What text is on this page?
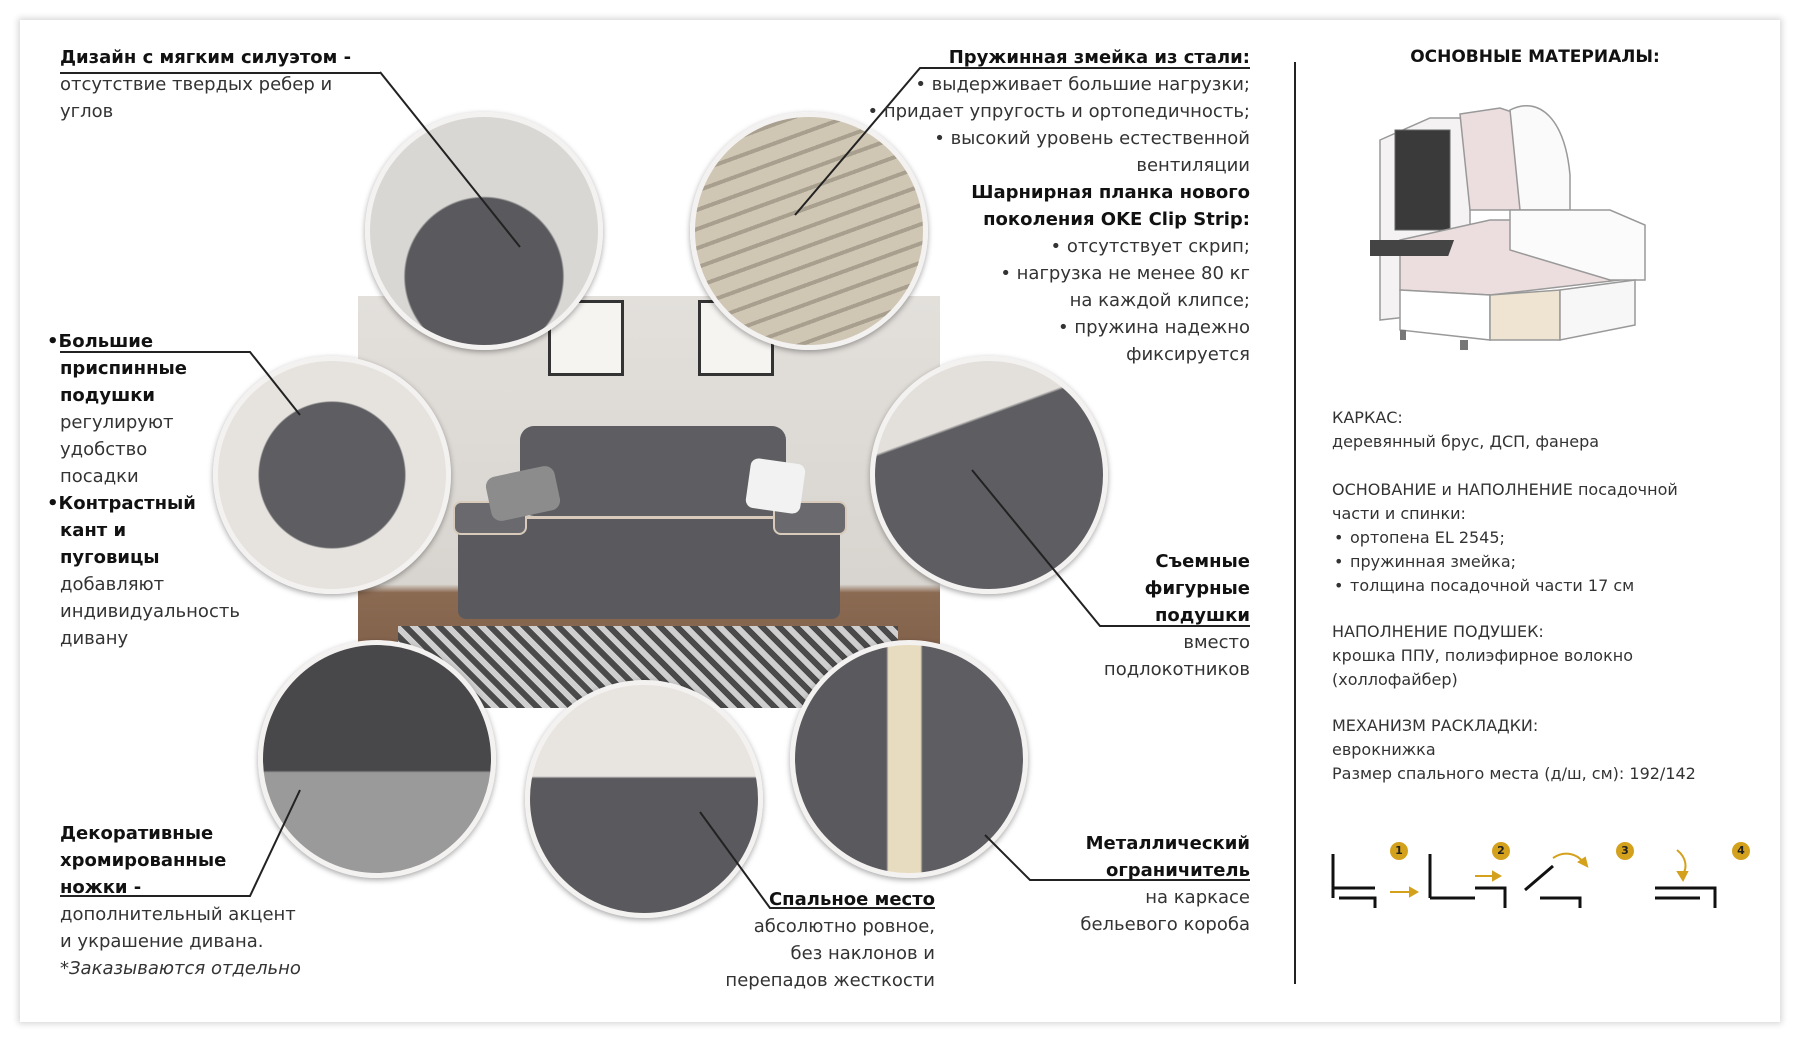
Дизайн с мягким силуэтом -
отсутствие твердых ребер и
углов
•Большие
приспинные
подушки
регулируют
удобство
посадки
•Контрастный
кант и
пуговицы
добавляют
индивидуальность
дивану
Декоративные
хромированные
ножки -
дополнительный акцент
и украшение дивана.
*Заказываются отдельно
Пружинная змейка из стали:
• выдерживает большие нагрузки;
• придает упругость и ортопедичность;
• высокий уровень естественной
вентиляции
Шарнирная планка нового
поколения OKE Clip Strip:
• отсутствует скрип;
• нагрузка не менее 80 кг
на каждой клипсе;
• пружина надежно
фиксируется
Съемные
фигурные
подушки
вместо
подлокотников
Металлический
ограничитель
на каркасе
бельевого короба
Спальное место
абсолютно ровное,
без наклонов и
перепадов жесткости
ОСНОВНЫЕ МАТЕРИАЛЫ:
КАРКАС:
деревянный брус, ДСП, фанера
ОСНОВАНИЕ и НАПОЛНЕНИЕ посадочной
части и спинки:
• ортопена EL 2545;
• пружинная змейка;
• толщина посадочной части 17 см
НАПОЛНЕНИЕ ПОДУШЕК:
крошка ППУ, полиэфирное волокно
(холлофайбер)
МЕХАНИЗМ РАСКЛАДКИ:
еврокнижка
Размер спального места (д/ш, см): 192/142
1	2	3	4
